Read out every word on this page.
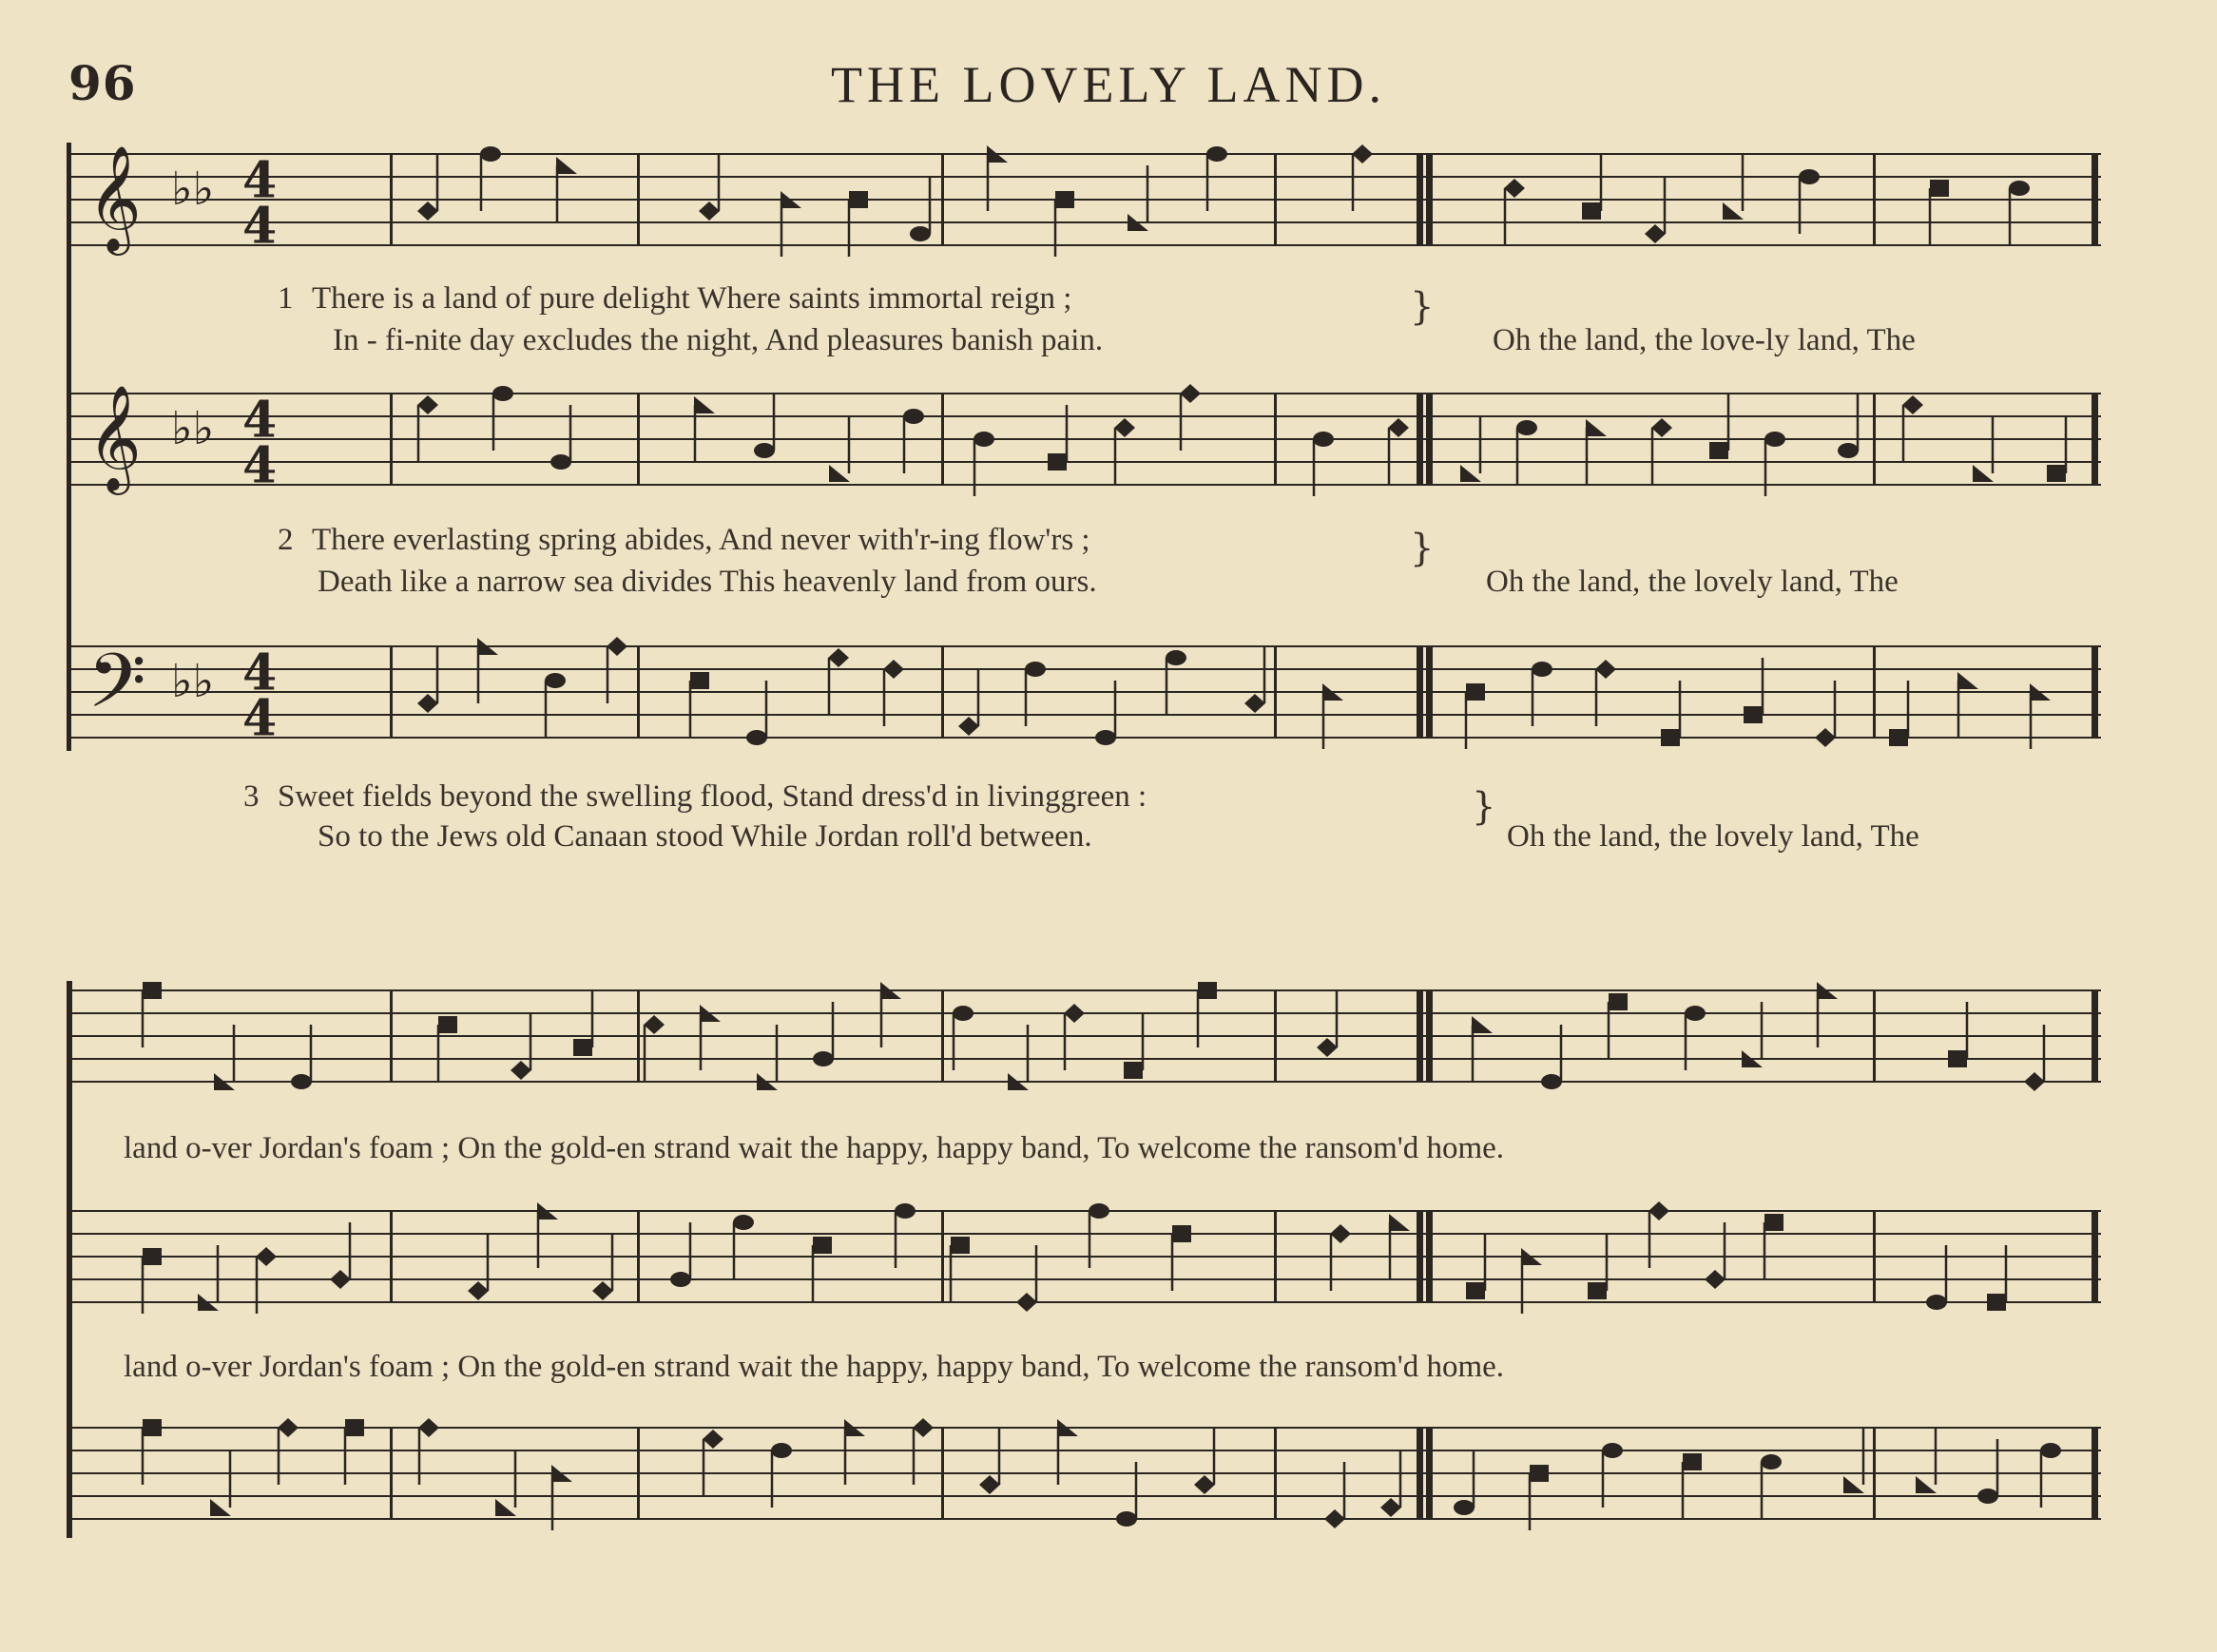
96	THE LOVELY LAND.
𝄞 ♭♭ 4
4
1 There is a land of pure delight Where saints immortal reign ;
In - fi-nite day excludes the night, And pleasures banish pain.
}
Oh the land, the love-ly land, The
𝄞 ♭♭ 4
4
2 There everlasting spring abides, And never with'r-ing flow'rs ;
Death like a narrow sea divides This heavenly land from ours.
}
Oh the land, the lovely land, The
𝄢 ♭♭ 4
4
3 Sweet fields beyond the swelling flood, Stand dress'd in livinggreen :
So to the Jews old Canaan stood While Jordan roll'd between.
}
Oh the land, the lovely land, The
land o-ver Jordan's foam ; On the gold-en strand wait the happy, happy band, To welcome the ransom'd home.
land o-ver Jordan's foam ; On the gold-en strand wait the happy, happy band, To welcome the ransom'd home.
